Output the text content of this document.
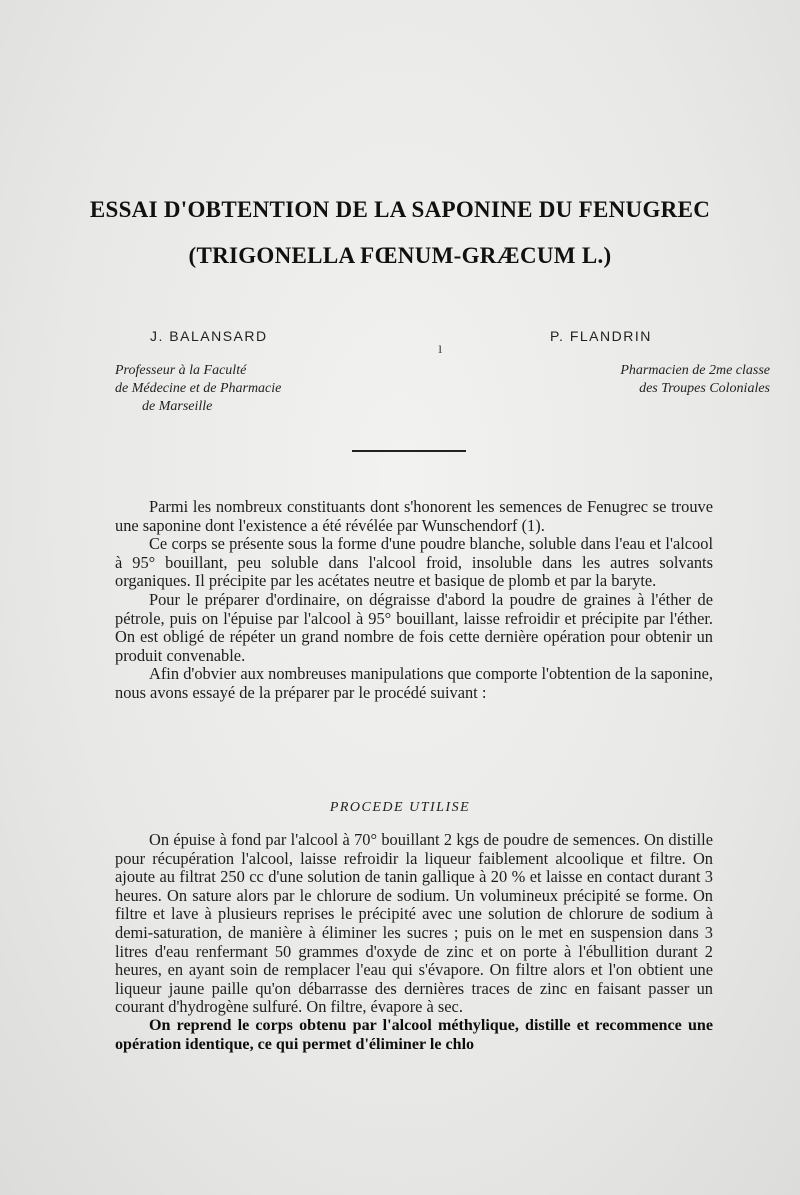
ESSAI D'OBTENTION DE LA SAPONINE DU FENUGREC
(TRIGONELLA FŒNUM-GRÆCUM L.)
J. BALANSARD	P. FLANDRIN
ı
Professeur à la Faculté
de Médecine et de Pharmacie
de Marseille
Pharmacien de 2me classe
des Troupes Coloniales

Parmi les nombreux constituants dont s'honorent les semences de Fenugrec se trouve une saponine dont l'existence a été révélée par Wunschendorf (1).

Ce corps se présente sous la forme d'une poudre blanche, soluble dans l'eau et l'alcool à 95° bouillant, peu soluble dans l'alcool froid, insoluble dans les autres solvants organiques. Il précipite par les acétates neutre et basique de plomb et par la baryte.

Pour le préparer d'ordinaire, on dégraisse d'abord la poudre de graines à l'éther de pétrole, puis on l'épuise par l'alcool à 95° bouillant, laisse refroidir et précipite par l'éther. On est obligé de répéter un grand nombre de fois cette dernière opération pour obtenir un produit convenable.

Afin d'obvier aux nombreuses manipulations que comporte l'obtention de la saponine, nous avons essayé de la préparer par le procédé suivant :

PROCEDE UTILISE

On épuise à fond par l'alcool à 70° bouillant 2 kgs de poudre de semences. On distille pour récupération l'alcool, laisse refroidir la liqueur faiblement alcoolique et filtre. On ajoute au filtrat 250 cc d'une solution de tanin gallique à 20 % et laisse en contact durant 3 heures. On sature alors par le chlorure de sodium. Un volumineux précipité se forme. On filtre et lave à plusieurs reprises le précipité avec une solution de chlorure de sodium à demi-saturation, de manière à éliminer les sucres ; puis on le met en suspension dans 3 litres d'eau renfermant 50 grammes d'oxyde de zinc et on porte à l'ébullition durant 2 heures, en ayant soin de remplacer l'eau qui s'évapore. On filtre alors et l'on obtient une liqueur jaune paille qu'on débarrasse des dernières traces de zinc en faisant passer un courant d'hydrogène sulfuré. On filtre, évapore à sec.

On reprend le corps obtenu par l'alcool méthylique, distille et recommence une opération identique, ce qui permet d'éliminer le chlo
